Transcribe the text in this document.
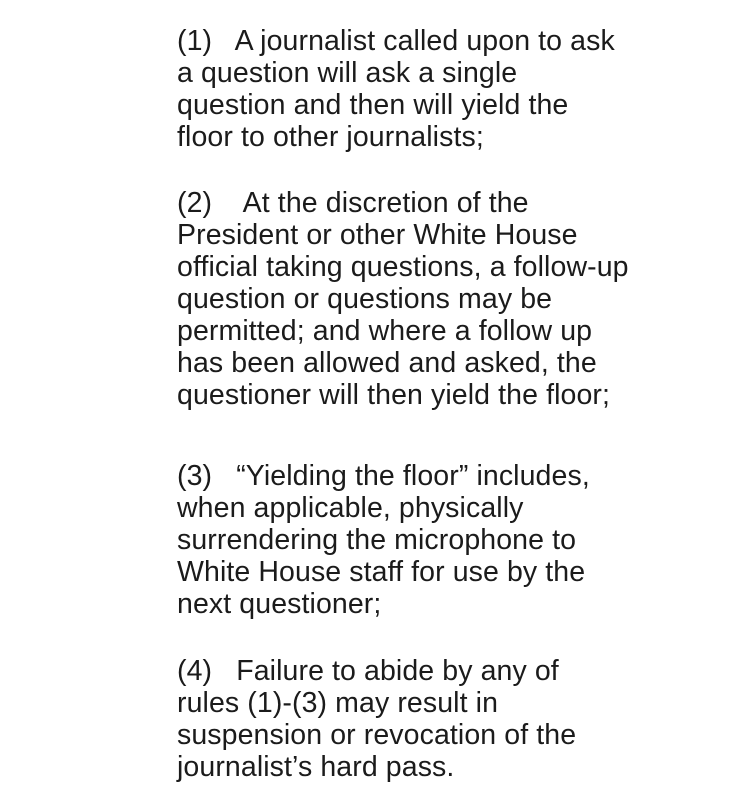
(1) A journalist called upon to ask
a question will ask a single
question and then will yield the
floor to other journalists;

(2) At the discretion of the
President or other White House
official taking questions, a follow-up
question or questions may be
permitted; and where a follow up
has been allowed and asked, the
questioner will then yield the floor;

(3) “Yielding the floor” includes,
when applicable, physically
surrendering the microphone to
White House staff for use by the
next questioner;

(4) Failure to abide by any of
rules (1)-(3) may result in
suspension or revocation of the
journalist’s hard pass.
